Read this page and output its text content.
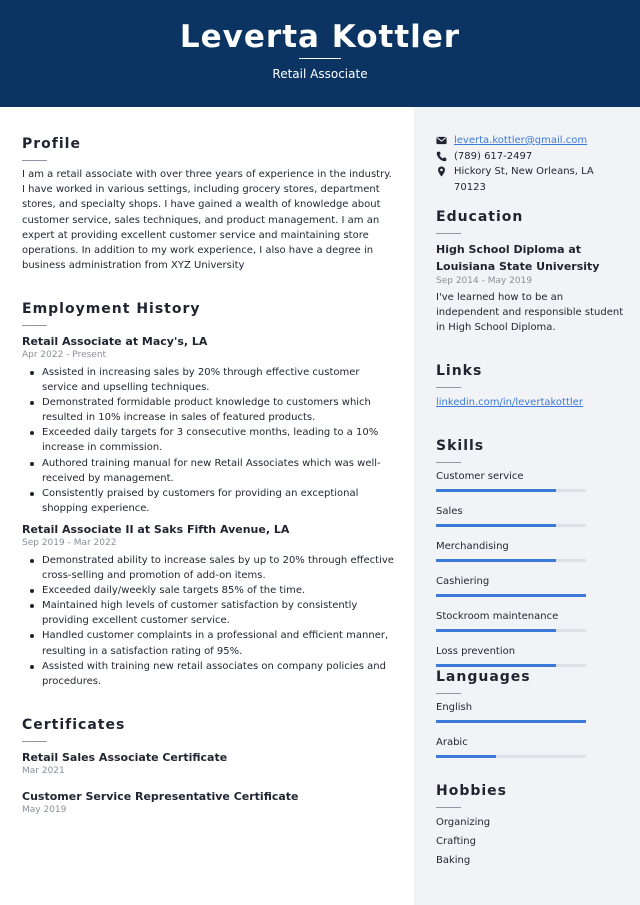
Leverta Kottler
Retail Associate
Profile
I am a retail associate with over three years of experience in the industry. I have worked in various settings, including grocery stores, department stores, and specialty shops. I have gained a wealth of knowledge about customer service, sales techniques, and product management. I am an expert at providing excellent customer service and maintaining store operations. In addition to my work experience, I also have a degree in business administration from XYZ University
Employment History
Retail Associate at Macy's, LA
Apr 2022 - Present
Assisted in increasing sales by 20% through effective customer service and upselling techniques.
Demonstrated formidable product knowledge to customers which resulted in 10% increase in sales of featured products.
Exceeded daily targets for 3 consecutive months, leading to a 10% increase in commission.
Authored training manual for new Retail Associates which was well-received by management.
Consistently praised by customers for providing an exceptional shopping experience.
Retail Associate II at Saks Fifth Avenue, LA
Sep 2019 - Mar 2022
Demonstrated ability to increase sales by up to 20% through effective cross-selling and promotion of add-on items.
Exceeded daily/weekly sale targets 85% of the time.
Maintained high levels of customer satisfaction by consistently providing excellent customer service.
Handled customer complaints in a professional and efficient manner, resulting in a satisfaction rating of 95%.
Assisted with training new retail associates on company policies and procedures.
Certificates
Retail Sales Associate Certificate
Mar 2021
Customer Service Representative Certificate
May 2019
leverta.kottler@gmail.com
(789) 617-2497
Hickory St, New Orleans, LA 70123
Education
High School Diploma at Louisiana State University
Sep 2014 - May 2019
I've learned how to be an independent and responsible student in High School Diploma.
Links
linkedin.com/in/levertakottler
Skills
Customer service
Sales
Merchandising
Cashiering
Stockroom maintenance
Loss prevention
Languages
English
Arabic
Hobbies
Organizing
Crafting
Baking
